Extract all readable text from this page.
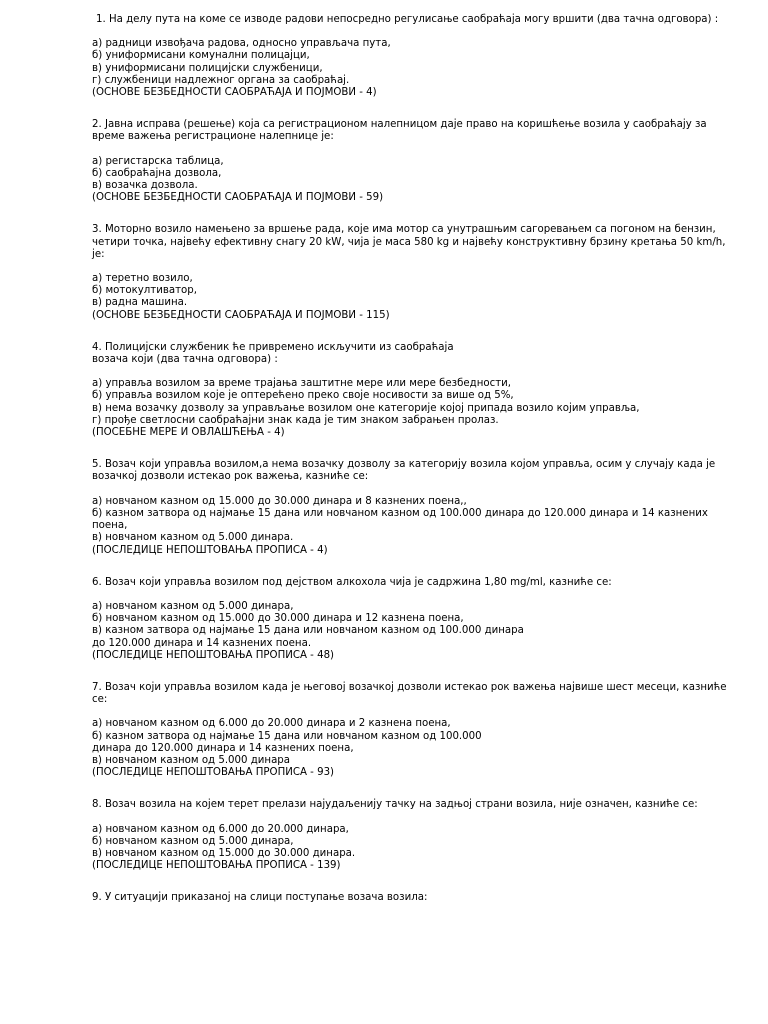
1. На делу пута на коме се изводе радови непосредно регулисање саобраћаја могу вршити (два тачна одговора) :

а) радници извођача радова, односно управљача пута,

б) униформисани комунални полицајци,

в) униформисани полицијски службеници,

г) службеници надлежног органа за саобраћај.

(ОСНОВЕ БЕЗБЕДНОСТИ САОБРАЋАЈА И ПОЈМОВИ - 4)

2. Јавна исправа (решење) која са регистрационом налепницом даје право на коришћење возила у саобраћају за време важења регистрационе налепнице је:

а) регистарска таблица,

б) саобраћајна дозвола,

в) возачка дозвола.

(ОСНОВЕ БЕЗБЕДНОСТИ САОБРАЋАЈА И ПОЈМОВИ - 59)

3. Моторно возило намењено за вршење рада, које има мотор са унутрашњим сагоревањем са погоном на бензин, четири точка, највећу ефективну снагу 20 kW, чија је маса 580 kg и највећу конструктивну брзину кретања 50 km/h, је:

а) теретно возило,

б) мотокултиватор,

в) радна машина.

(ОСНОВЕ БЕЗБЕДНОСТИ САОБРАЋАЈА И ПОЈМОВИ - 115)

4. Полицијски службеник ће привремено искључити из саобраћаја
возача који (два тачна одговора) :

а) управља возилом за време трајања заштитне мере или мере безбедности,

б) управља возилом које је оптерећено преко своје носивости за више од 5%,

в) нема возачку дозволу за управљање возилом оне категорије којој припада возило којим управља,

г) прође светлосни саобраћајни знак када је тим знаком забрањен пролаз.

(ПОСЕБНЕ МЕРЕ И ОВЛАШЋЕЊА - 4)

5. Возач који управља возилом,а нема возачку дозволу за категорију возила којом управља, осим у случају када је возачкој дозволи истекао рок важења, казниће се:

а) новчаном казном од 15.000 до 30.000 динара и 8 казнених поена,,

б) казном затвора од најмање 15 дана или новчаном казном од 100.000 динара до 120.000 динара и 14 казнених поена,

в) новчаном казном од 5.000 динара.

(ПОСЛЕДИЦЕ НЕПОШТОВАЊА ПРОПИСА - 4)

6. Возач који управља возилом под дејством алкохола чија је садржина 1,80 mg/ml, казниће се:

а) новчаном казном од 5.000 динара,

б) новчаном казном од 15.000 до 30.000 динара и 12 казнена поена,

в) казном затвора од најмање 15 дана или новчаном казном од 100.000 динара
до 120.000 динара и 14 казнених поена.

(ПОСЛЕДИЦЕ НЕПОШТОВАЊА ПРОПИСА - 48)

7. Возач који управља возилом када је његовој возачкој дозволи истекао рок важења највише шест месеци, казниће се:

а) новчаном казном од 6.000 до 20.000 динара и 2 казнена поена,

б) казном затвора од најмање 15 дана или новчаном казном од 100.000
динара до 120.000 динара и 14 казнених поена,

в) новчаном казном од 5.000 динара

(ПОСЛЕДИЦЕ НЕПОШТОВАЊА ПРОПИСА - 93)

8. Возач возила на којем терет прелази најудаљенију тачку на задњој страни возила, није означен, казниће се:

а) новчаном казном од 6.000 до 20.000 динара,

б) новчаном казном од 5.000 динара,

в) новчаном казном од 15.000 до 30.000 динара.

(ПОСЛЕДИЦЕ НЕПОШТОВАЊА ПРОПИСА - 139)

9. У ситуацији приказаној на слици поступање возача возила:
